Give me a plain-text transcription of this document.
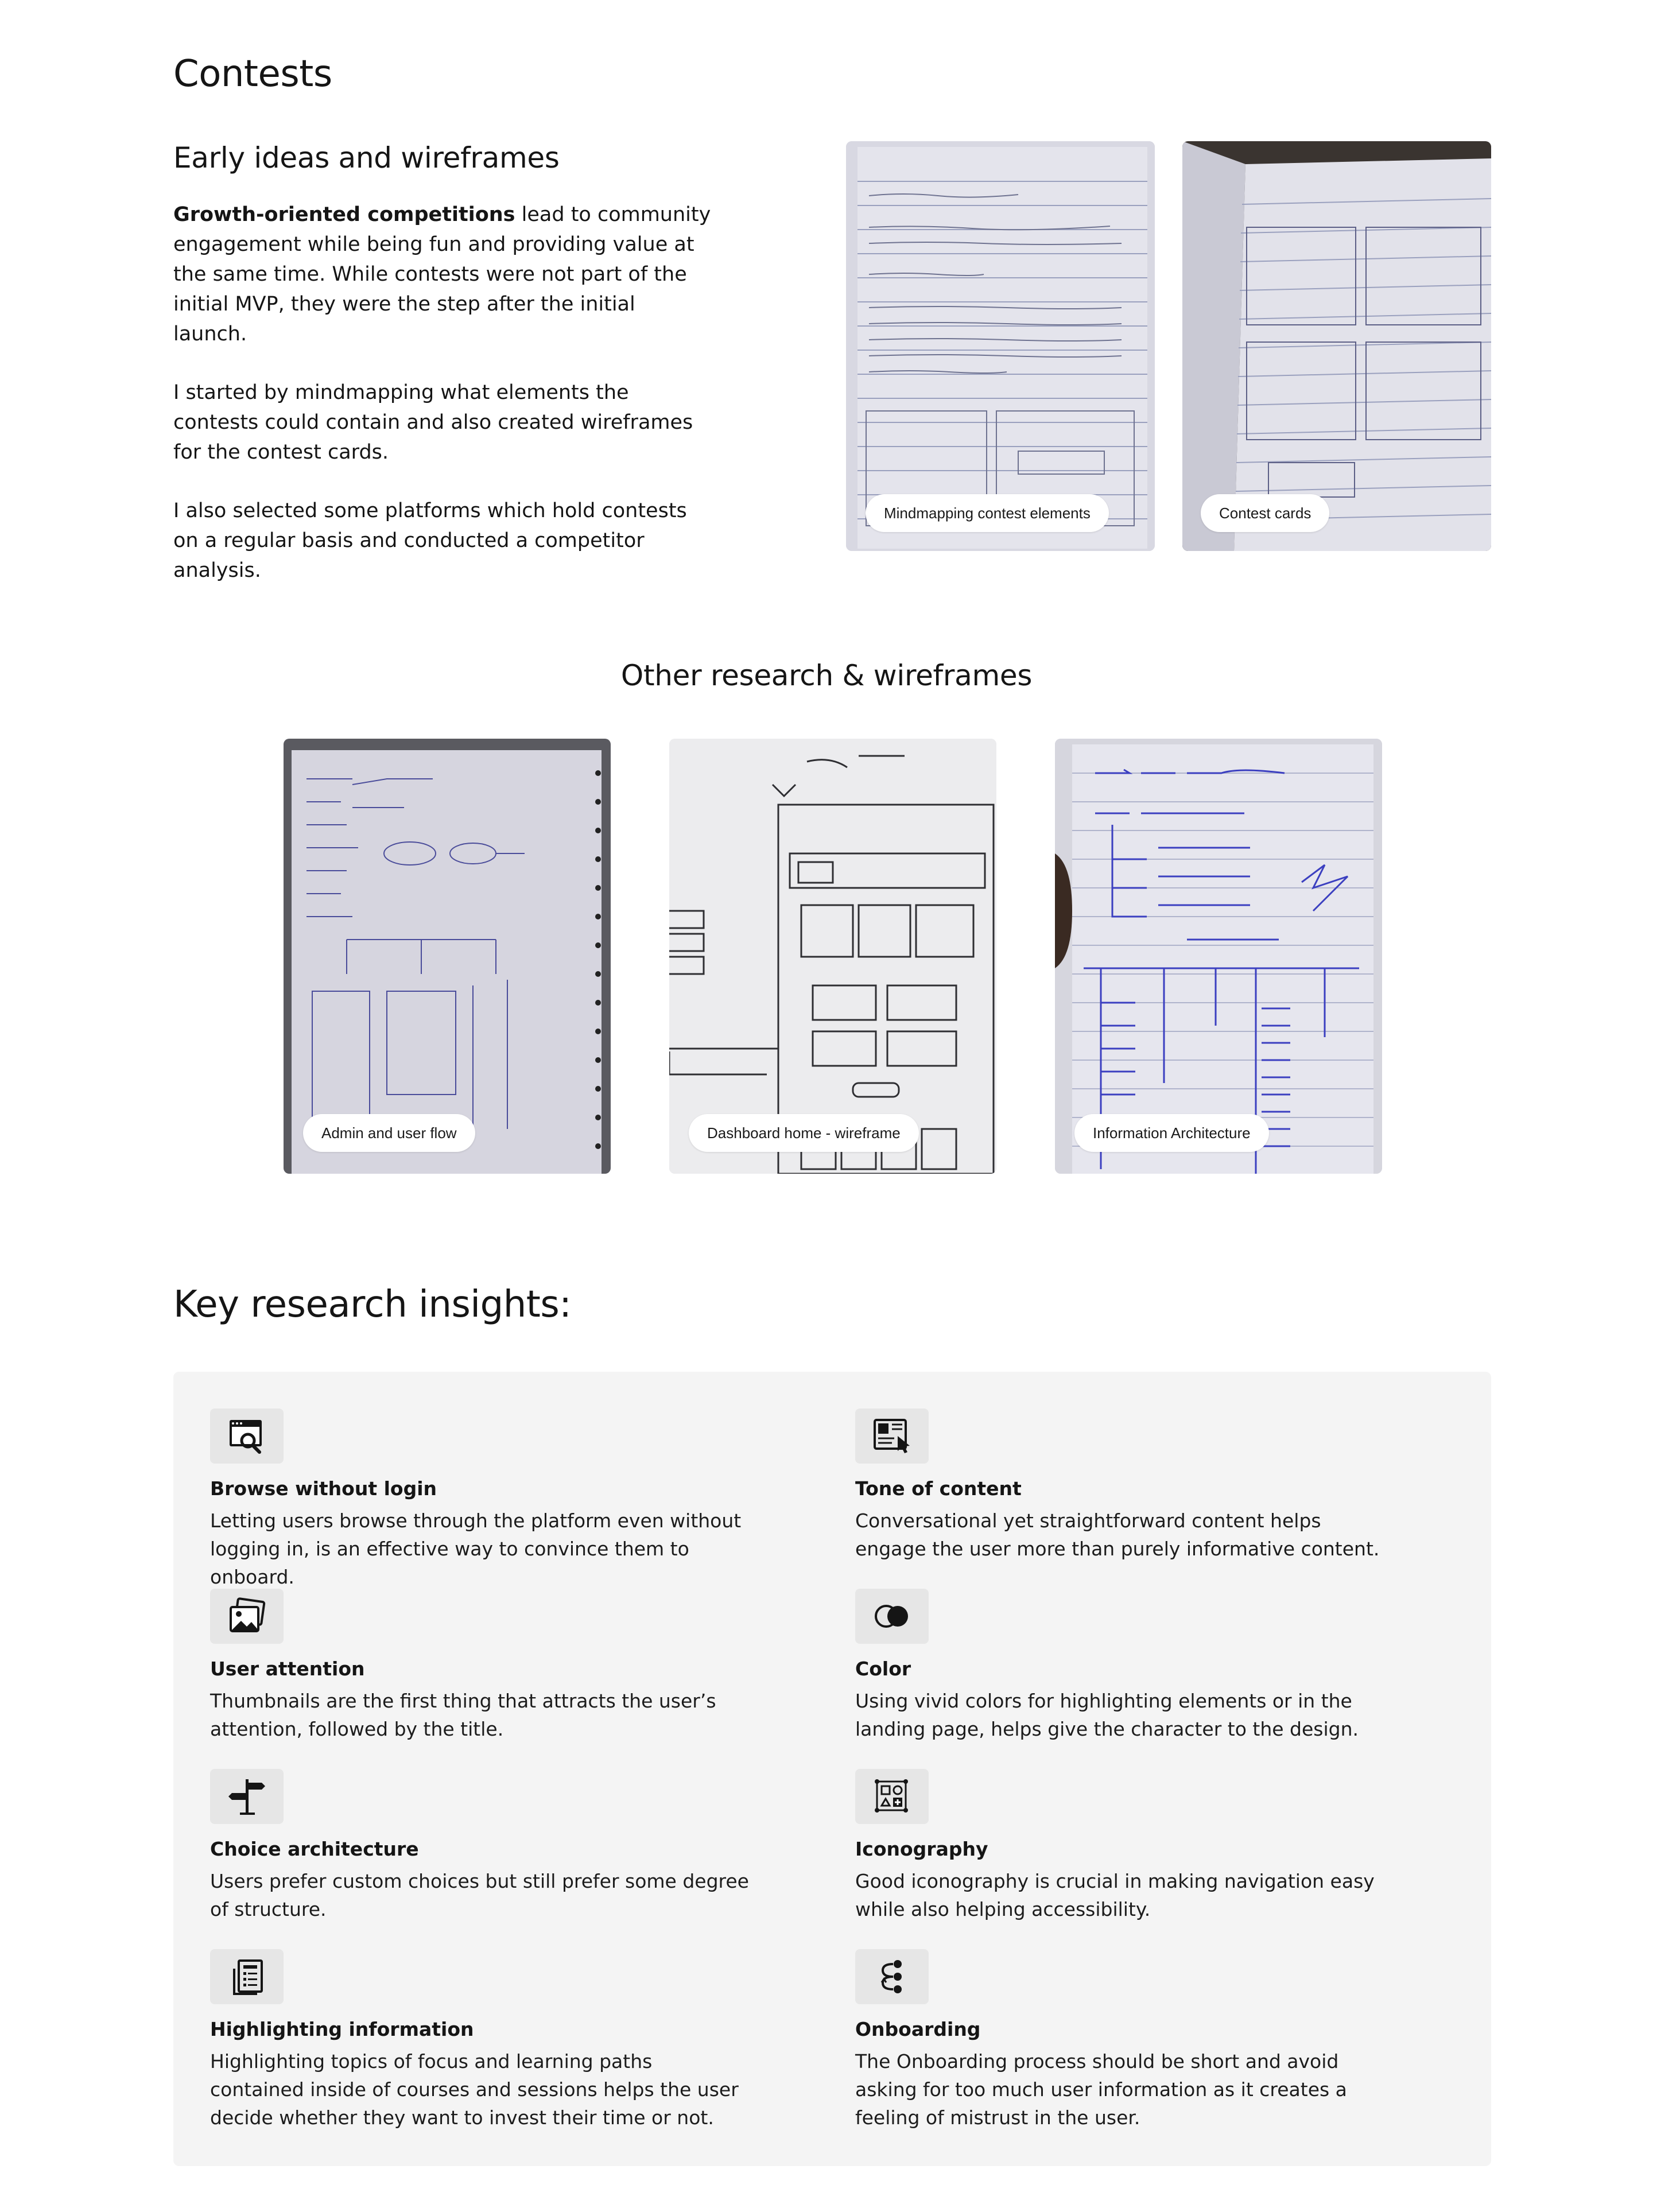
Contests
Early ideas and wireframes

Growth-oriented competitions lead to community engagement while being fun and providing value at the same time. While contests were not part of the initial MVP, they were the step after the initial launch.

I started by mindmapping what elements the contests could contain and also created wireframes for the contest cards.

I also selected some platforms which hold contests on a regular basis and conducted a competitor analysis.

Mindmapping contest elements	Contest cards
Other research & wireframes
Admin and user flow	Dashboard home - wireframe	Information Architecture
Key research insights:
Browse without login
Letting users browse through the platform even without logging in, is an effective way to convince them to onboard.
Tone of content
Conversational yet straightforward content helps engage the user more than purely informative content.
User attention
Thumbnails are the first thing that attracts the user’s attention, followed by the title.
Color
Using vivid colors for highlighting elements or in the landing page, helps give the character to the design.
Choice architecture
Users prefer custom choices but still prefer some degree of structure.
Iconography
Good iconography is crucial in making navigation easy while also helping accessibility.
Highlighting information
Highlighting topics of focus and learning paths contained inside of courses and sessions helps the user decide whether they want to invest their time or not.
Onboarding
The Onboarding process should be short and avoid asking for too much user information as it creates a feeling of mistrust in the user.
